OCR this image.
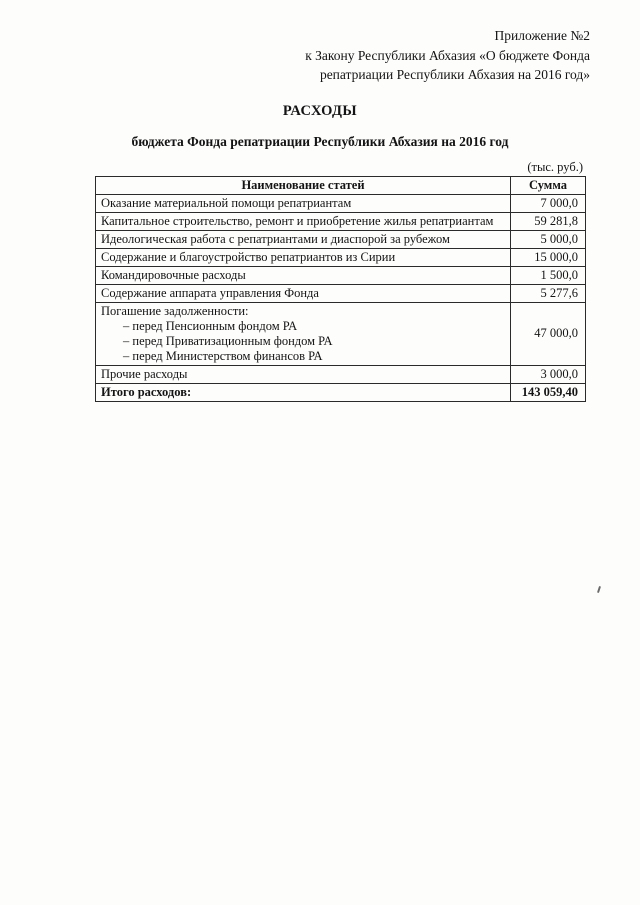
Приложение №2
к Закону Республики Абхазия «О бюджете Фонда
репатриации Республики Абхазия на 2016 год»
РАСХОДЫ
бюджета Фонда репатриации Республики Абхазия на 2016 год
(тыс. руб.)
Наименование статей	Сумма
Оказание материальной помощи репатриантам	7 000,0
Капитальное строительство, ремонт и приобретение жилья репатриантам	59 281,8
Идеологическая работа с репатриантами и диаспорой за рубежом	5 000,0
Содержание и благоустройство репатриантов из Сирии	15 000,0
Командировочные расходы	1 500,0
Содержание аппарата управления Фонда	5 277,6

Погашение задолженности:
– перед Пенсионным фондом РА
– перед Приватизационным фондом РА
– перед Министерством финансов РА	47 000,0
Прочие расходы	3 000,0
Итого расходов:	143 059,40
